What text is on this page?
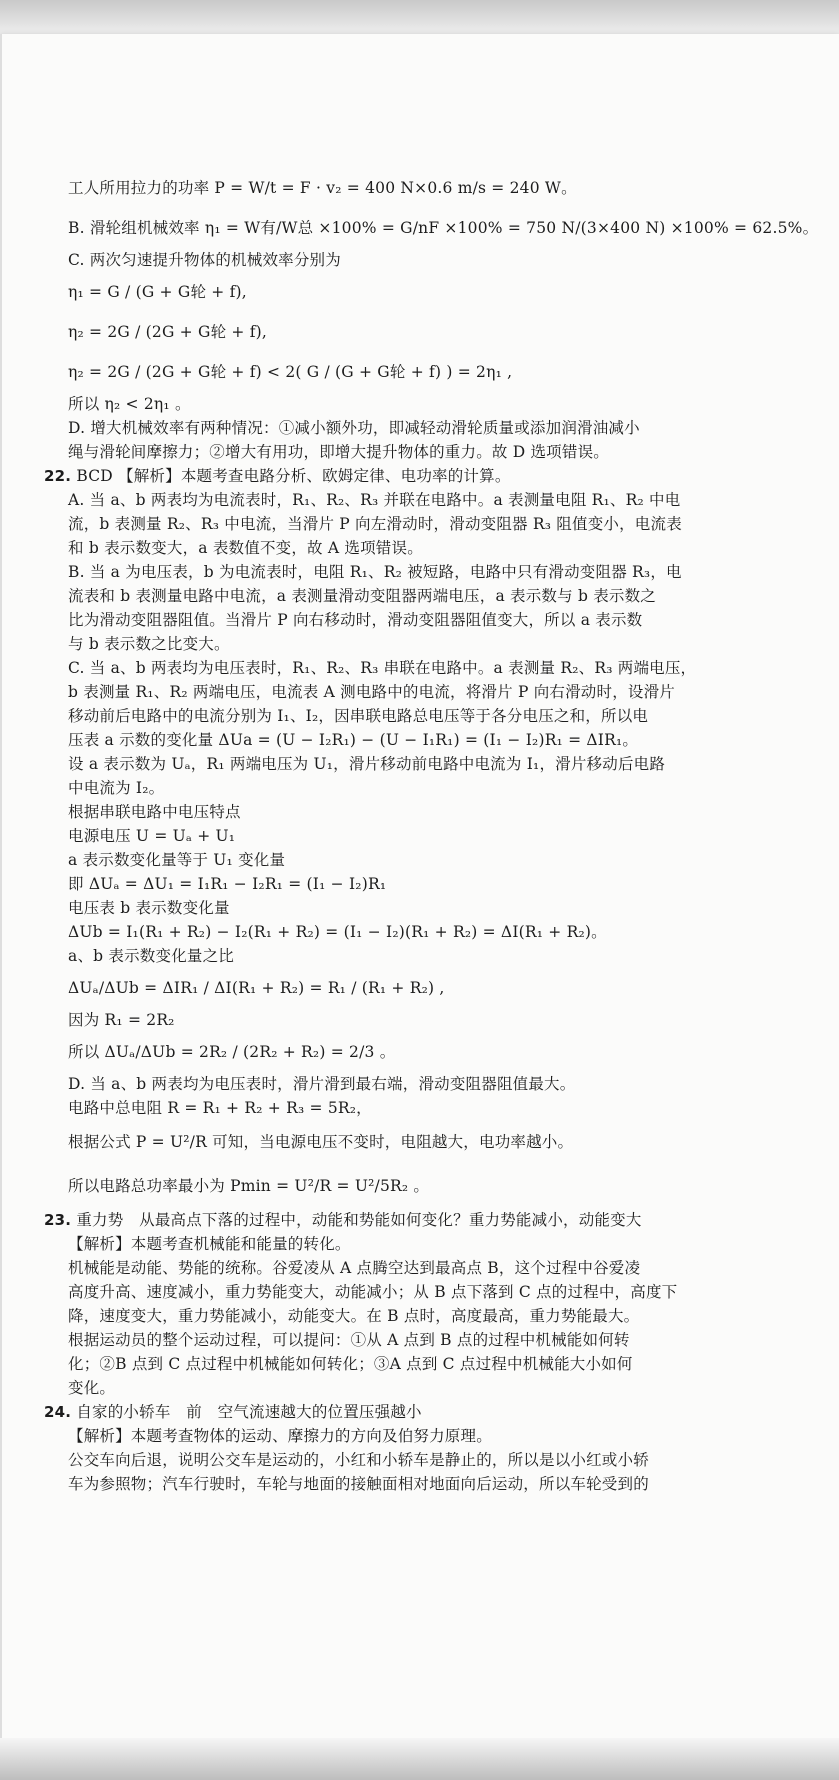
工人所用拉力的功率 P = W/t = F · v₂ = 400 N×0.6 m/s = 240 W。
B. 滑轮组机械效率 η₁ = W有/W总 ×100% = G/nF ×100% = 750 N/(3×400 N) ×100% = 62.5%。
C. 两次匀速提升物体的机械效率分别为
η₁ = G / (G + G轮 + f),
η₂ = 2G / (2G + G轮 + f),
η₂ = 2G / (2G + G轮 + f) < 2( G / (G + G轮 + f) ) = 2η₁ ,
所以 η₂ < 2η₁ 。
D. 增大机械效率有两种情况：①减小额外功，即减轻动滑轮质量或添加润滑油减小
绳与滑轮间摩擦力；②增大有用功，即增大提升物体的重力。故 D 选项错误。
22. BCD 【解析】本题考查电路分析、欧姆定律、电功率的计算。
A. 当 a、b 两表均为电流表时，R₁、R₂、R₃ 并联在电路中。a 表测量电阻 R₁、R₂ 中电
流，b 表测量 R₂、R₃ 中电流，当滑片 P 向左滑动时，滑动变阻器 R₃ 阻值变小，电流表
和 b 表示数变大，a 表数值不变，故 A 选项错误。
B. 当 a 为电压表，b 为电流表时，电阻 R₁、R₂ 被短路，电路中只有滑动变阻器 R₃，电
流表和 b 表测量电路中电流，a 表测量滑动变阻器两端电压，a 表示数与 b 表示数之
比为滑动变阻器阻值。当滑片 P 向右移动时，滑动变阻器阻值变大，所以 a 表示数
与 b 表示数之比变大。
C. 当 a、b 两表均为电压表时，R₁、R₂、R₃ 串联在电路中。a 表测量 R₂、R₃ 两端电压，
b 表测量 R₁、R₂ 两端电压，电流表 A 测电路中的电流，将滑片 P 向右滑动时，设滑片
移动前后电路中的电流分别为 I₁、I₂，因串联电路总电压等于各分电压之和，所以电
压表 a 示数的变化量 ΔUa = (U − I₂R₁) − (U − I₁R₁) = (I₁ − I₂)R₁ = ΔIR₁。
设 a 表示数为 Uₐ，R₁ 两端电压为 U₁，滑片移动前电路中电流为 I₁，滑片移动后电路
中电流为 I₂。
根据串联电路中电压特点
电源电压 U = Uₐ + U₁
a 表示数变化量等于 U₁ 变化量
即 ΔUₐ = ΔU₁ = I₁R₁ − I₂R₁ = (I₁ − I₂)R₁
电压表 b 表示数变化量
ΔUb = I₁(R₁ + R₂) − I₂(R₁ + R₂) = (I₁ − I₂)(R₁ + R₂) = ΔI(R₁ + R₂)。
a、b 表示数变化量之比
ΔUₐ/ΔUb = ΔIR₁ / ΔI(R₁ + R₂) = R₁ / (R₁ + R₂) ,
因为 R₁ = 2R₂
所以 ΔUₐ/ΔUb = 2R₂ / (2R₂ + R₂) = 2/3 。
D. 当 a、b 两表均为电压表时，滑片滑到最右端，滑动变阻器阻值最大。
电路中总电阻 R = R₁ + R₂ + R₃ = 5R₂，
根据公式 P = U²/R 可知，当电源电压不变时，电阻越大，电功率越小。
所以电路总功率最小为 Pmin = U²/R = U²/5R₂ 。
23. 重力势　从最高点下落的过程中，动能和势能如何变化？重力势能减小，动能变大
【解析】本题考查机械能和能量的转化。
机械能是动能、势能的统称。谷爱凌从 A 点腾空达到最高点 B，这个过程中谷爱凌
高度升高、速度减小，重力势能变大，动能减小；从 B 点下落到 C 点的过程中，高度下
降，速度变大，重力势能减小，动能变大。在 B 点时，高度最高，重力势能最大。
根据运动员的整个运动过程，可以提问：①从 A 点到 B 点的过程中机械能如何转
化；②B 点到 C 点过程中机械能如何转化；③A 点到 C 点过程中机械能大小如何
变化。
24. 自家的小轿车　前　空气流速越大的位置压强越小
【解析】本题考查物体的运动、摩擦力的方向及伯努力原理。
公交车向后退，说明公交车是运动的，小红和小轿车是静止的，所以是以小红或小轿
车为参照物；汽车行驶时，车轮与地面的接触面相对地面向后运动，所以车轮受到的
